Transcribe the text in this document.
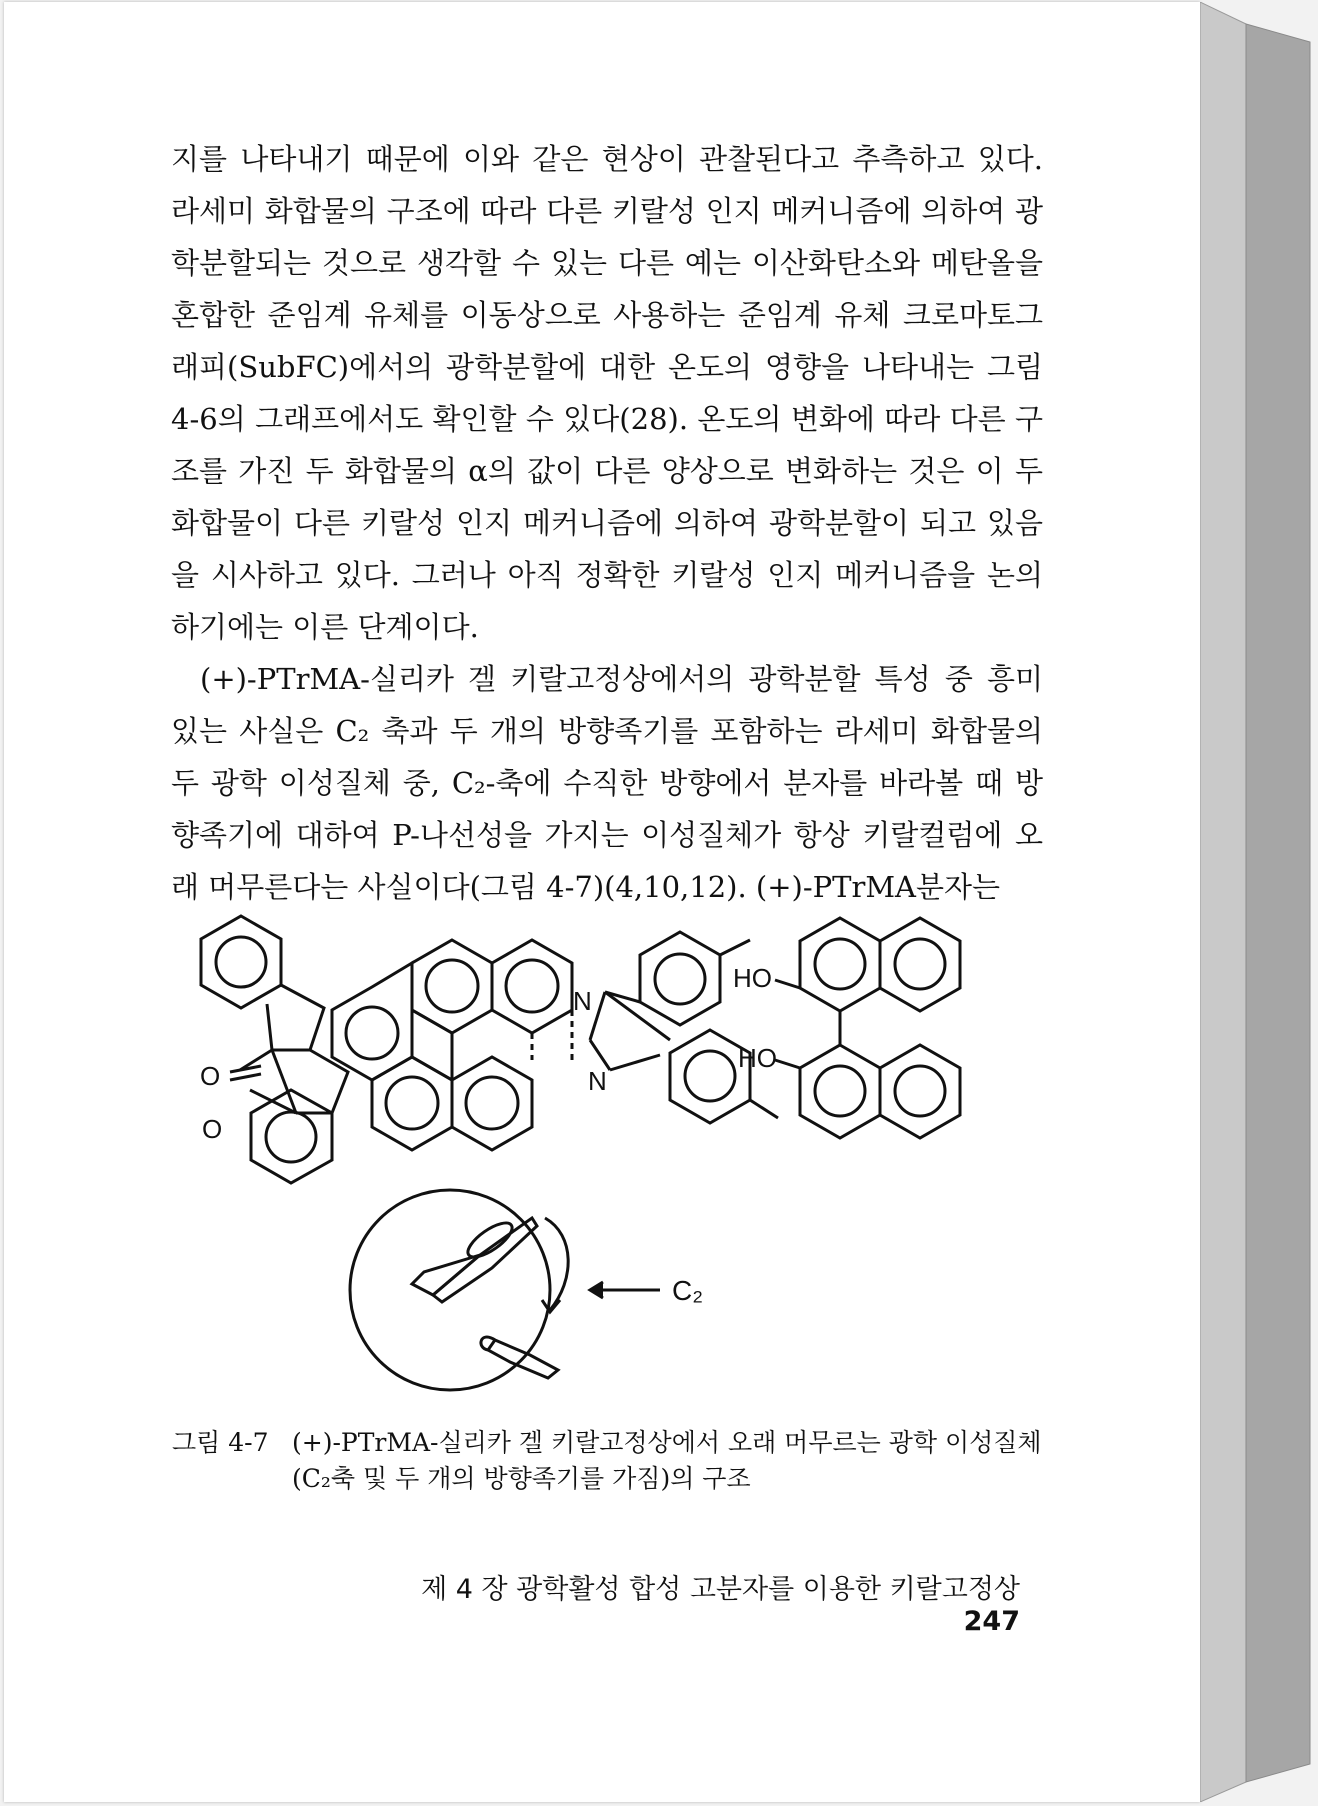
지를 나타내기 때문에 이와 같은 현상이 관찰된다고 추측하고 있다. 라세미 화합물의 구조에 따라 다른 키랄성 인지 메커니즘에 의하여 광학분할되는 것으로 생각할 수 있는 다른 예는 이산화탄소와 메탄올을 혼합한 준임계 유체를 이동상으로 사용하는 준임계 유체 크로마토그래피(SubFC)에서의 광학분할에 대한 온도의 영향을 나타내는 그림 4-6의 그래프에서도 확인할 수 있다(28). 온도의 변화에 따라 다른 구조를 가진 두 화합물의 α의 값이 다른 양상으로 변화하는 것은 이 두 화합물이 다른 키랄성 인지 메커니즘에 의하여 광학분할이 되고 있음을 시사하고 있다. 그러나 아직 정확한 키랄성 인지 메커니즘을 논의하기에는 이른 단계이다.

(+)-PTrMA-실리카 겔 키랄고정상에서의 광학분할 특성 중 흥미 있는 사실은 C₂ 축과 두 개의 방향족기를 포함하는 라세미 화합물의 두 광학 이성질체 중, C₂-축에 수직한 방향에서 분자를 바라볼 때 방향족기에 대하여 P-나선성을 가지는 이성질체가 항상 키랄컬럼에 오래 머무른다는 사실이다(그림 4-7)(4,10,12). (+)-PTrMA분자는

O
O
N
N
HO
HO
C₂
그림 4-7 (+)-PTrMA-실리카 겔 키랄고정상에서 오래 머무르는 광학 이성질체 (C₂축 및 두 개의 방향족기를 가짐)의 구조
제 4 장 광학활성 합성 고분자를 이용한 키랄고정상 247
